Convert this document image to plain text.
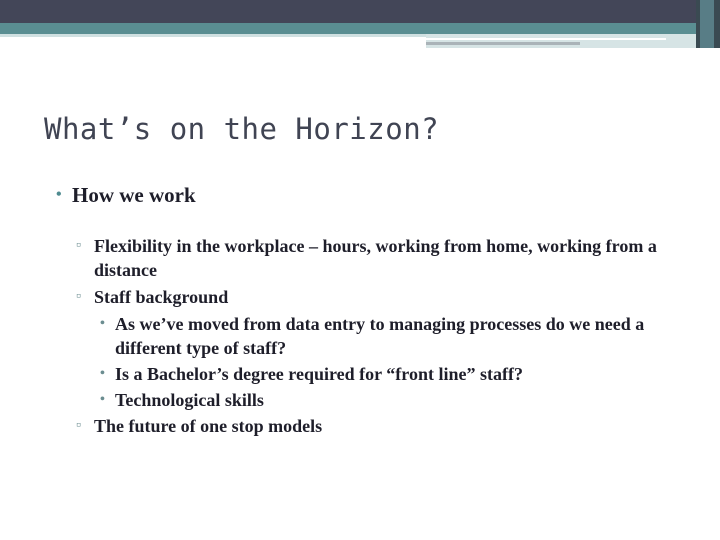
What’s on the Horizon?
• How we work
▫ Flexibility in the workplace – hours, working from home, working from a distance
▫ Staff background
• As we’ve moved from data entry to managing processes do we need a different type of staff?
• Is a Bachelor’s degree required for “front line” staff?
• Technological skills
▫ The future of one stop models
